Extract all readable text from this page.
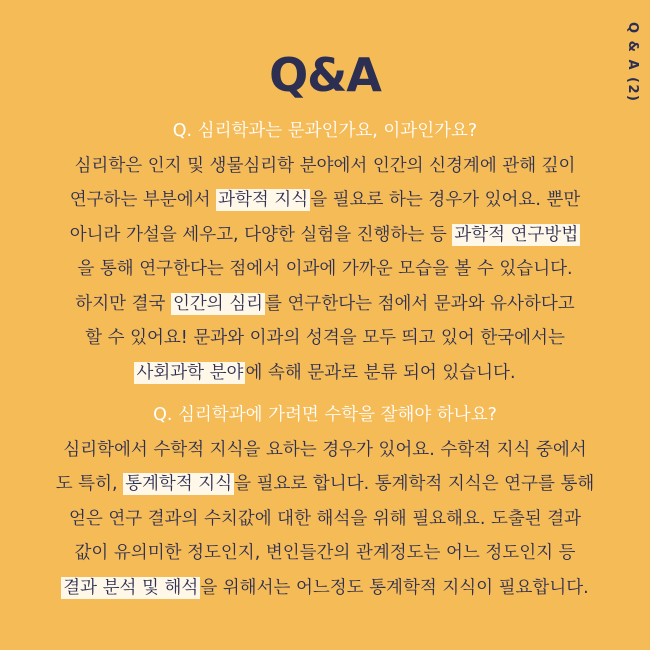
Q & A (2)
Q&A
Q. 심리학과는 문과인가요, 이과인가요?
심리학은 인지 및 생물심리학 분야에서 인간의 신경계에 관해 깊이
연구하는 부분에서 과학적 지식 을 필요로 하는 경우가 있어요. 뿐만
아니라 가설을 세우고, 다양한 실험을 진행하는 등 과학적 연구방법
을 통해 연구한다는 점에서 이과에 가까운 모습을 볼 수 있습니다.
하지만 결국 인간의 심리 를 연구한다는 점에서 문과와 유사하다고
할 수 있어요! 문과와 이과의 성격을 모두 띄고 있어 한국에서는
사회과학 분야 에 속해 문과로 분류 되어 있습니다.
Q. 심리학과에 가려면 수학을 잘해야 하나요?
심리학에서 수학적 지식을 요하는 경우가 있어요. 수학적 지식 중에서
도 특히, 통계학적 지식 을 필요로 합니다. 통계학적 지식은 연구를 통해
얻은 연구 결과의 수치값에 대한 해석을 위해 필요해요. 도출된 결과
값이 유의미한 정도인지, 변인들간의 관계정도는 어느 정도인지 등
결과 분석 및 해석 을 위해서는 어느정도 통계학적 지식이 필요합니다.
